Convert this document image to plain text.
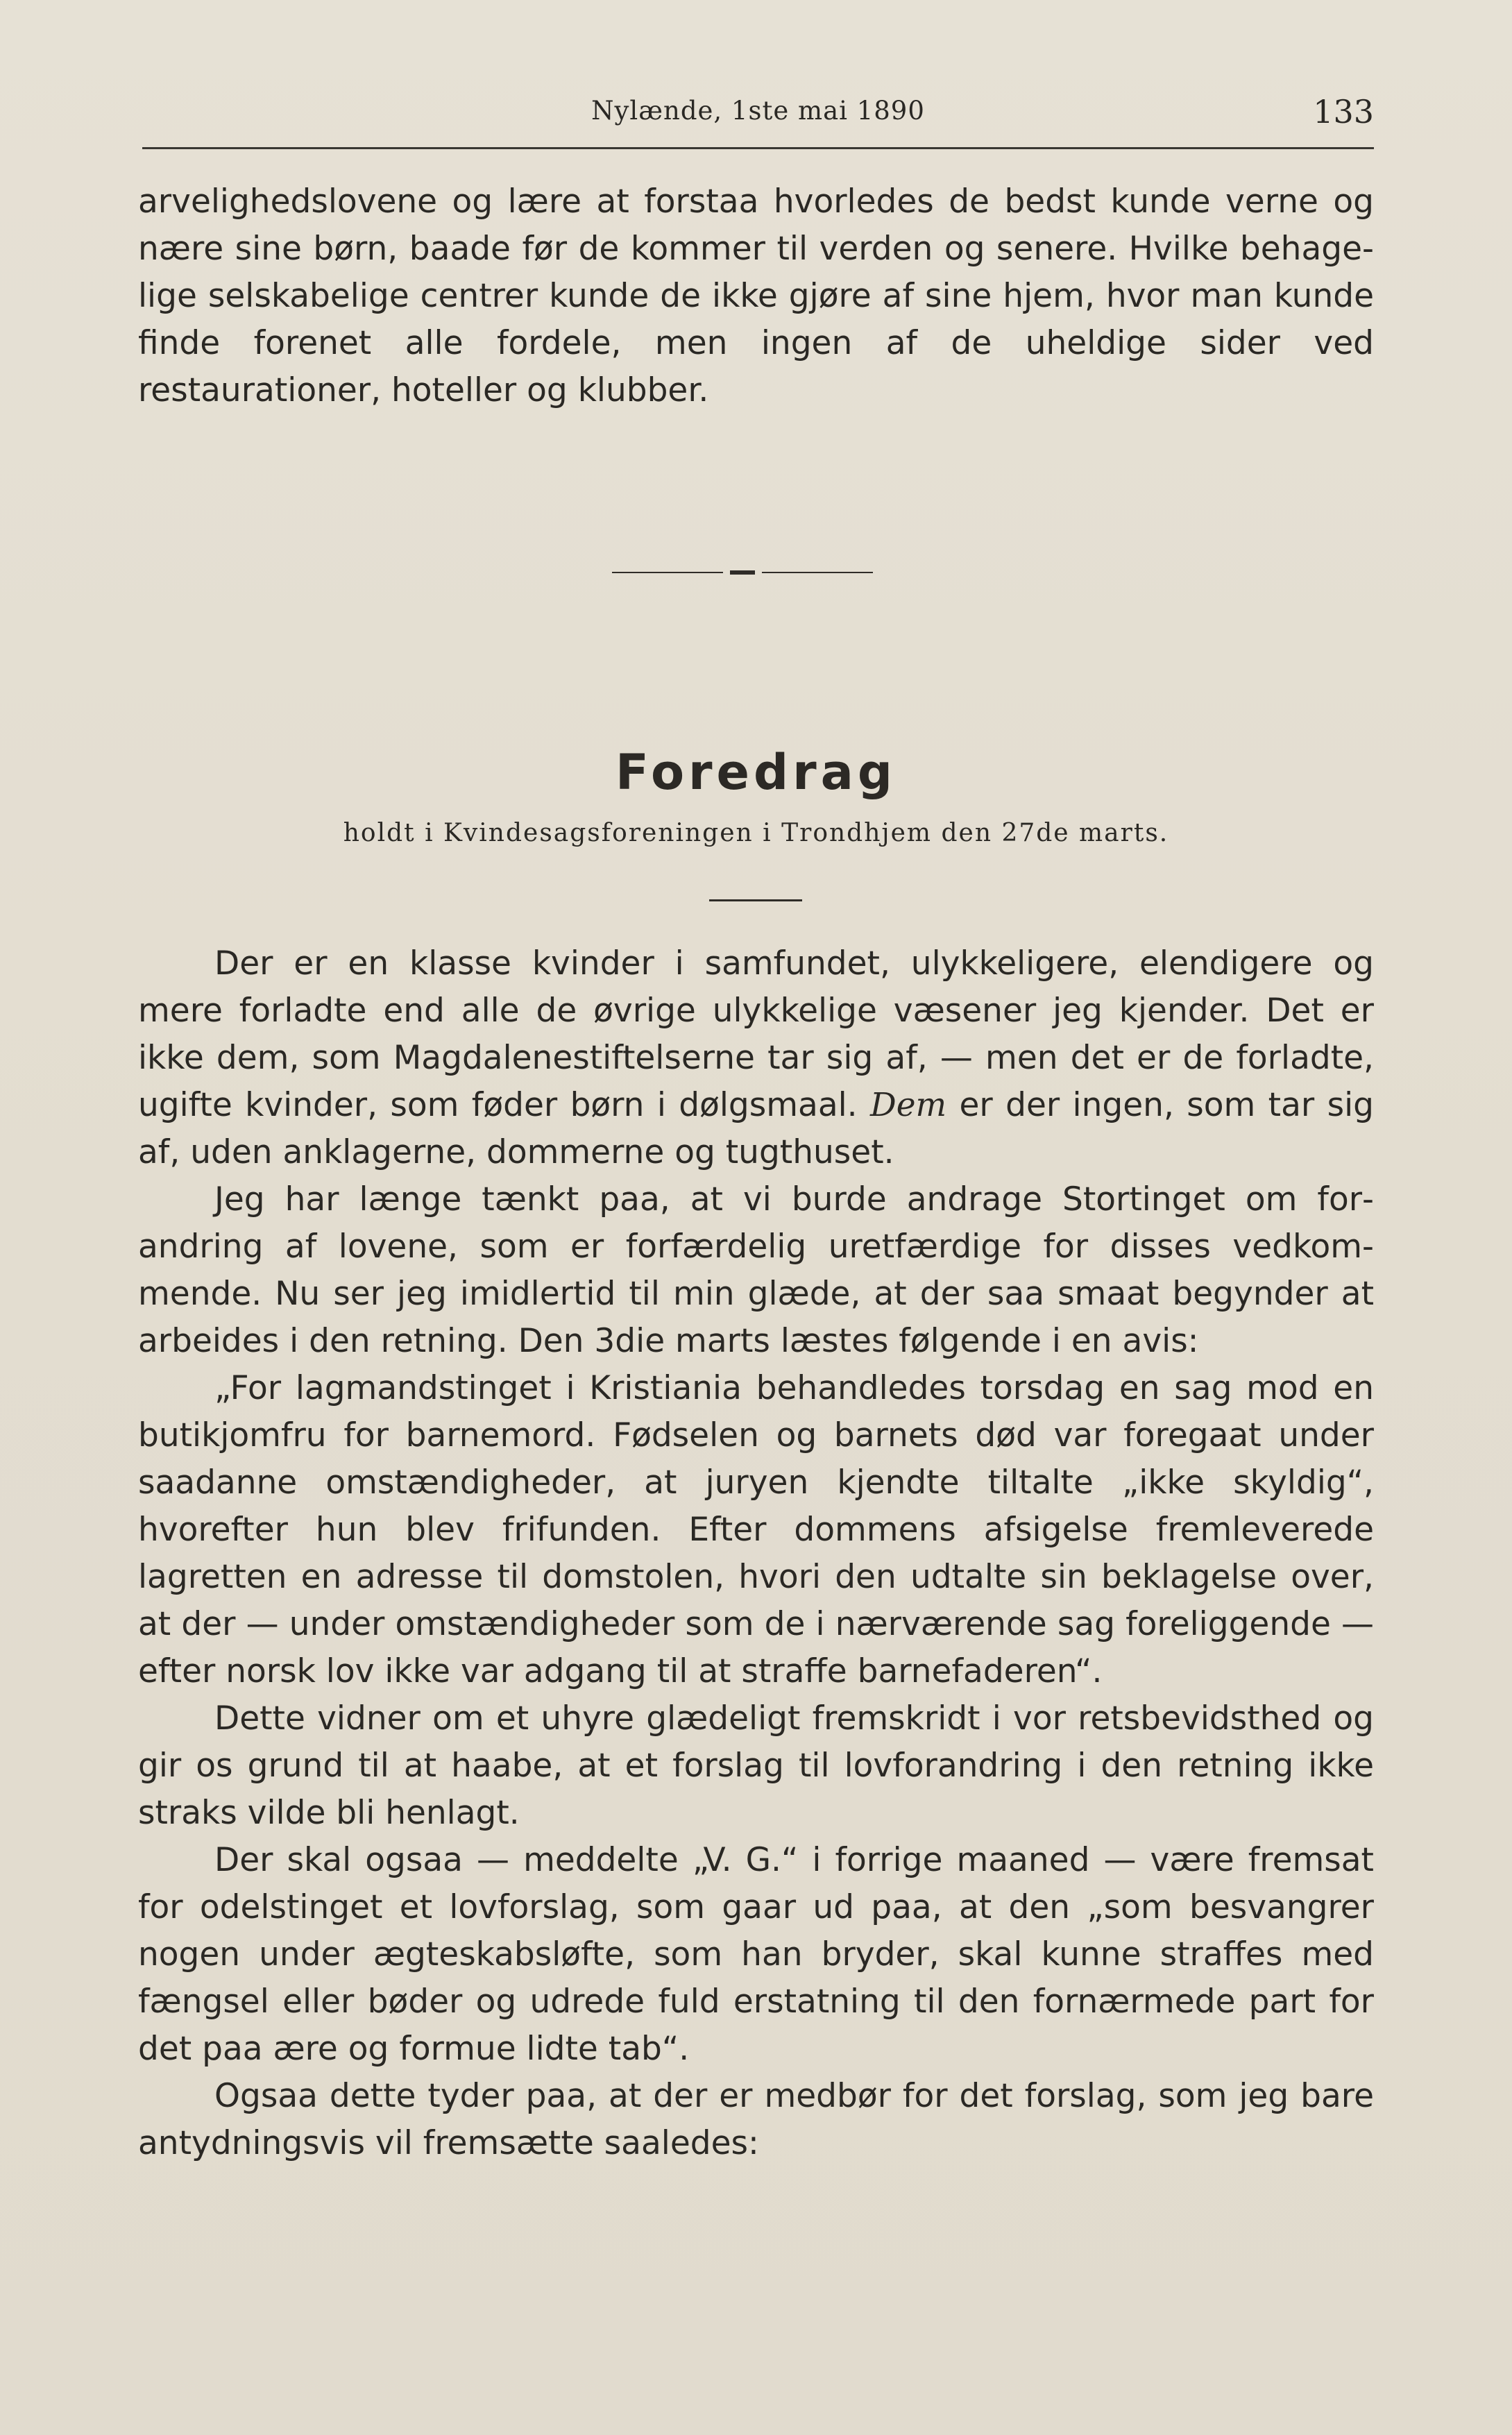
Nylænde, 1ste mai 1890	133

arvelighedslovene og lære at forstaa hvorledes de bedst kunde verne og nære sine børn, baade før de kommer til verden og senere. Hvilke behagelige selskabelige centrer kunde de ikke gjøre af sine hjem, hvor man kunde finde forenet alle fordele, men ingen af de uheldige sider ved restaurationer, hoteller og klubber.

Foredrag
holdt i Kvindesagsforeningen i Trondhjem den 27de marts.

Der er en klasse kvinder i samfundet, ulykkeligere, elendigere og mere forladte end alle de øvrige ulykkelige væsener jeg kjender. Det er ikke dem, som Magdalenestiftelserne tar sig af, — men det er de forladte, ugifte kvinder, som føder børn i dølgsmaal. Dem er der ingen, som tar sig af, uden anklagerne, dommerne og tugthuset.

Jeg har længe tænkt paa, at vi burde andrage Stortinget om forandring af lovene, som er forfærdelig uretfærdige for disses vedkommende. Nu ser jeg imidlertid til min glæde, at der saa smaat begynder at arbeides i den retning. Den 3die marts læstes følgende i en avis:

„For lagmandstinget i Kristiania behandledes torsdag en sag mod en butikjomfru for barnemord. Fødselen og barnets død var foregaat under saadanne omstændigheder, at juryen kjendte tiltalte „ikke skyldig“, hvorefter hun blev frifunden. Efter dommens afsigelse fremleverede lagretten en adresse til domstolen, hvori den udtalte sin beklagelse over, at der — under omstændigheder som de i nærværende sag foreliggende — efter norsk lov ikke var adgang til at straffe barnefaderen“.

Dette vidner om et uhyre glædeligt fremskridt i vor retsbevidsthed og gir os grund til at haabe, at et forslag til lovforandring i den retning ikke straks vilde bli henlagt.

Der skal ogsaa — meddelte „V. G.“ i forrige maaned — være fremsat for odelstinget et lovforslag, som gaar ud paa, at den „som besvangrer nogen under ægteskabsløfte, som han bryder, skal kunne straffes med fængsel eller bøder og udrede fuld erstatning til den fornærmede part for det paa ære og formue lidte tab“.

Ogsaa dette tyder paa, at der er medbør for det forslag, som jeg bare antydningsvis vil fremsætte saaledes:
